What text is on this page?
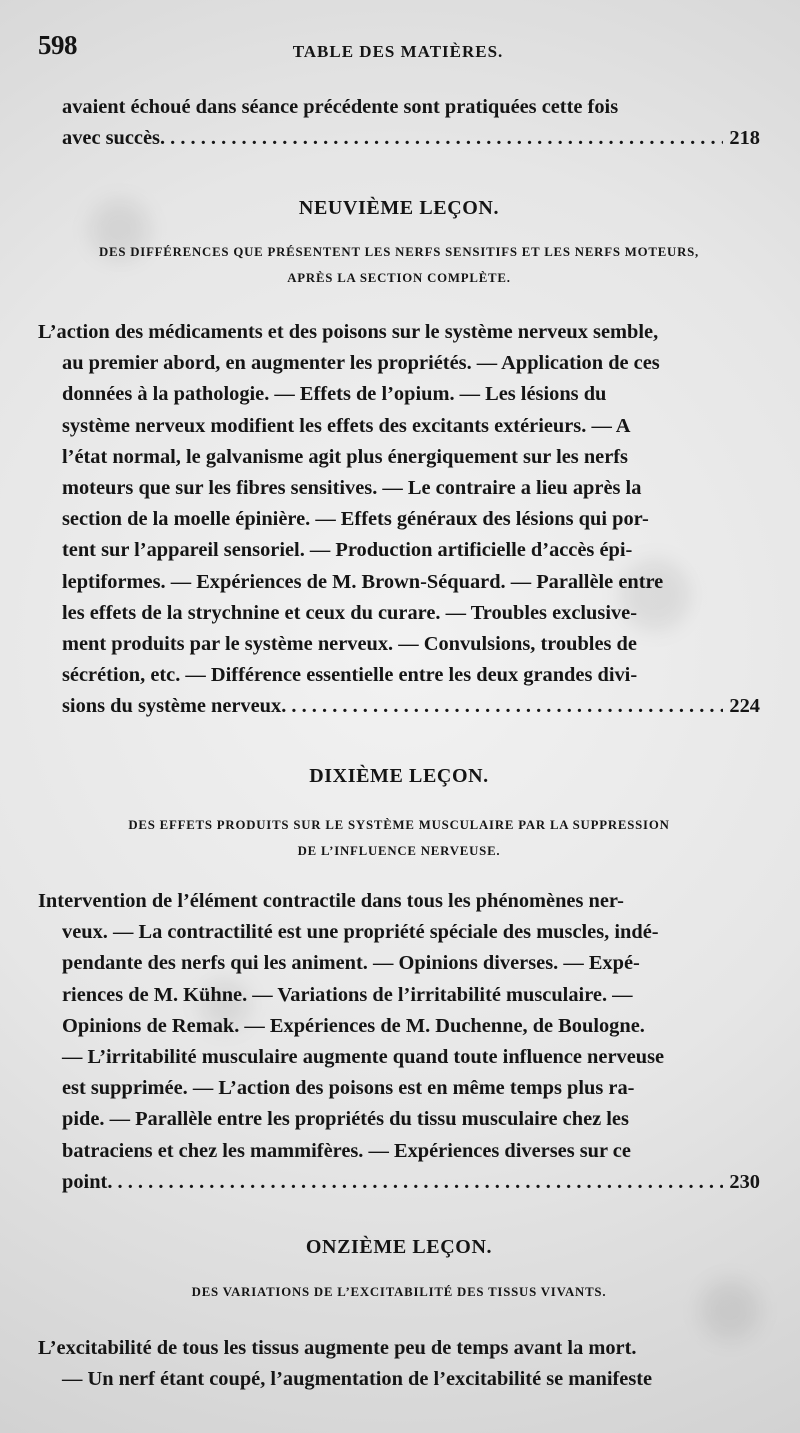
598	TABLE DES MATIÈRES.

avaient échoué dans séance précédente sont pratiquées cette fois

avec succès . . .	218

NEUVIÈME LEÇON.
DES DIFFÉRENCES QUE PRÉSENTENT LES NERFS SENSITIFS ET LES NERFS MOTEURS,
APRÈS LA SECTION COMPLÈTE.

L’action des médicaments et des poisons sur le système nerveux semble,

au premier abord, en augmenter les propriétés. — Application de ces

données à la pathologie. — Effets de l’opium. — Les lésions du

système nerveux modifient les effets des excitants extérieurs. — A

l’état normal, le galvanisme agit plus énergiquement sur les nerfs

moteurs que sur les fibres sensitives. — Le contraire a lieu après la

section de la moelle épinière. — Effets généraux des lésions qui por-

tent sur l’appareil sensoriel. — Production artificielle d’accès épi-

leptiformes. — Expériences de M. Brown-Séquard. — Parallèle entre

les effets de la strychnine et ceux du curare. — Troubles exclusive-

ment produits par le système nerveux. — Convulsions, troubles de

sécrétion, etc. — Différence essentielle entre les deux grandes divi-

sions du système nerveux . . .	224

DIXIÈME LEÇON.
DES EFFETS PRODUITS SUR LE SYSTÈME MUSCULAIRE PAR LA SUPPRESSION
DE L’INFLUENCE NERVEUSE.

Intervention de l’élément contractile dans tous les phénomènes ner-

veux. — La contractilité est une propriété spéciale des muscles, indé-

pendante des nerfs qui les animent. — Opinions diverses. — Expé-

riences de M. Kühne. — Variations de l’irritabilité musculaire. —

Opinions de Remak. — Expériences de M. Duchenne, de Boulogne.

— L’irritabilité musculaire augmente quand toute influence nerveuse

est supprimée. — L’action des poisons est en même temps plus ra-

pide. — Parallèle entre les propriétés du tissu musculaire chez les

batraciens et chez les mammifères. — Expériences diverses sur ce

point . . .	230

ONZIÈME LEÇON.
DES VARIATIONS DE L’EXCITABILITÉ DES TISSUS VIVANTS.

L’excitabilité de tous les tissus augmente peu de temps avant la mort.

— Un nerf étant coupé, l’augmentation de l’excitabilité se manifeste
